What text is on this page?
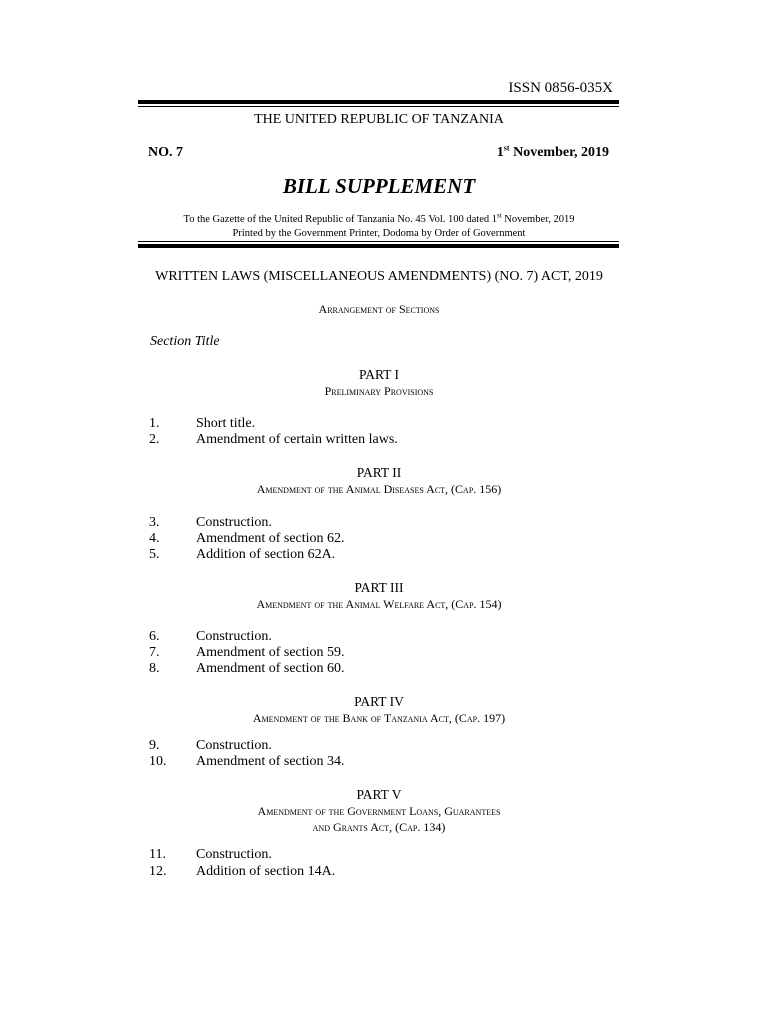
ISSN 0856-035X
THE UNITED REPUBLIC OF TANZANIA
NO. 7	1st November, 2019
BILL SUPPLEMENT
To the Gazette of the United Republic of Tanzania No. 45 Vol. 100 dated 1st November, 2019
Printed by the Government Printer, Dodoma by Order of Government
WRITTEN LAWS (MISCELLANEOUS AMENDMENTS) (NO. 7) ACT, 2019
Arrangement of Sections
Section Title
PART I
Preliminary Provisions
1.	Short title.
2.	Amendment of certain written laws.
PART II
Amendment of the Animal Diseases Act, (Cap. 156)
3.	Construction.
4.	Amendment of section 62.
5.	Addition of section 62A.
PART III
Amendment of the Animal Welfare Act, (Cap. 154)
6.	Construction.
7.	Amendment of section 59.
8.	Amendment of section 60.
PART IV
Amendment of the Bank of Tanzania Act, (Cap. 197)
9.	Construction.
10. Amendment of section 34.
PART V
Amendment of the Government Loans, Guarantees
and Grants Act, (Cap. 134)
11. Construction.
12. Addition of section 14A.
